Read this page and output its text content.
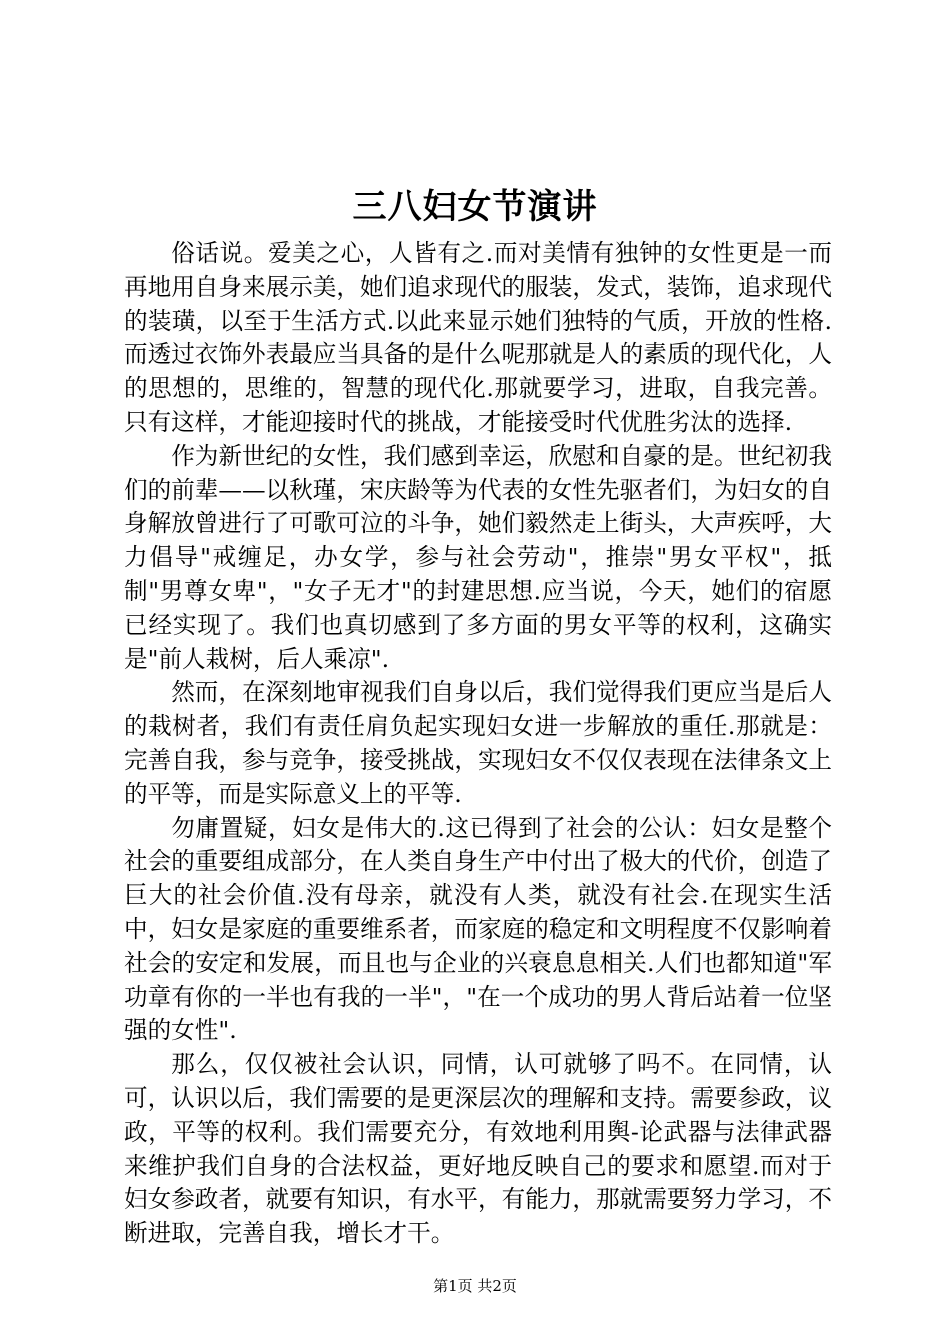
三八妇女节演讲

俗话说。爱美之心，人皆有之.而对美情有独钟的女性更是一而再地用自身来展示美，她们追求现代的服装，发式，装饰，追求现代的装璜，以至于生活方式.以此来显示她们独特的气质，开放的性格.而透过衣饰外表最应当具备的是什么呢那就是人的素质的现代化，人的思想的，思维的，智慧的现代化.那就要学习，进取，自我完善。只有这样，才能迎接时代的挑战，才能接受时代优胜劣汰的选择.

作为新世纪的女性，我们感到幸运，欣慰和自豪的是。世纪初我们的前辈——以秋瑾，宋庆龄等为代表的女性先驱者们，为妇女的自身解放曾进行了可歌可泣的斗争，她们毅然走上街头，大声疾呼，大力倡导"戒缠足，办女学，参与社会劳动"，推崇"男女平权"，抵制"男尊女卑"，"女子无才"的封建思想.应当说，今天，她们的宿愿已经实现了。我们也真切感到了多方面的男女平等的权利，这确实是"前人栽树，后人乘凉".

然而，在深刻地审视我们自身以后，我们觉得我们更应当是后人的栽树者，我们有责任肩负起实现妇女进一步解放的重任.那就是：完善自我，参与竞争，接受挑战，实现妇女不仅仅表现在法律条文上的平等，而是实际意义上的平等.

勿庸置疑，妇女是伟大的.这已得到了社会的公认：妇女是整个社会的重要组成部分，在人类自身生产中付出了极大的代价，创造了巨大的社会价值.没有母亲，就没有人类，就没有社会.在现实生活中，妇女是家庭的重要维系者，而家庭的稳定和文明程度不仅影响着社会的安定和发展，而且也与企业的兴衰息息相关.人们也都知道"军功章有你的一半也有我的一半"，"在一个成功的男人背后站着一位坚强的女性".

那么，仅仅被社会认识，同情，认可就够了吗不。在同情，认可，认识以后，我们需要的是更深层次的理解和支持。需要参政，议政，平等的权利。我们需要充分，有效地利用舆-论武器与法律武器来维护我们自身的合法权益，更好地反映自己的要求和愿望.而对于妇女参政者，就要有知识，有水平，有能力，那就需要努力学习，不断进取，完善自我，增长才干。

第1页 共2页
